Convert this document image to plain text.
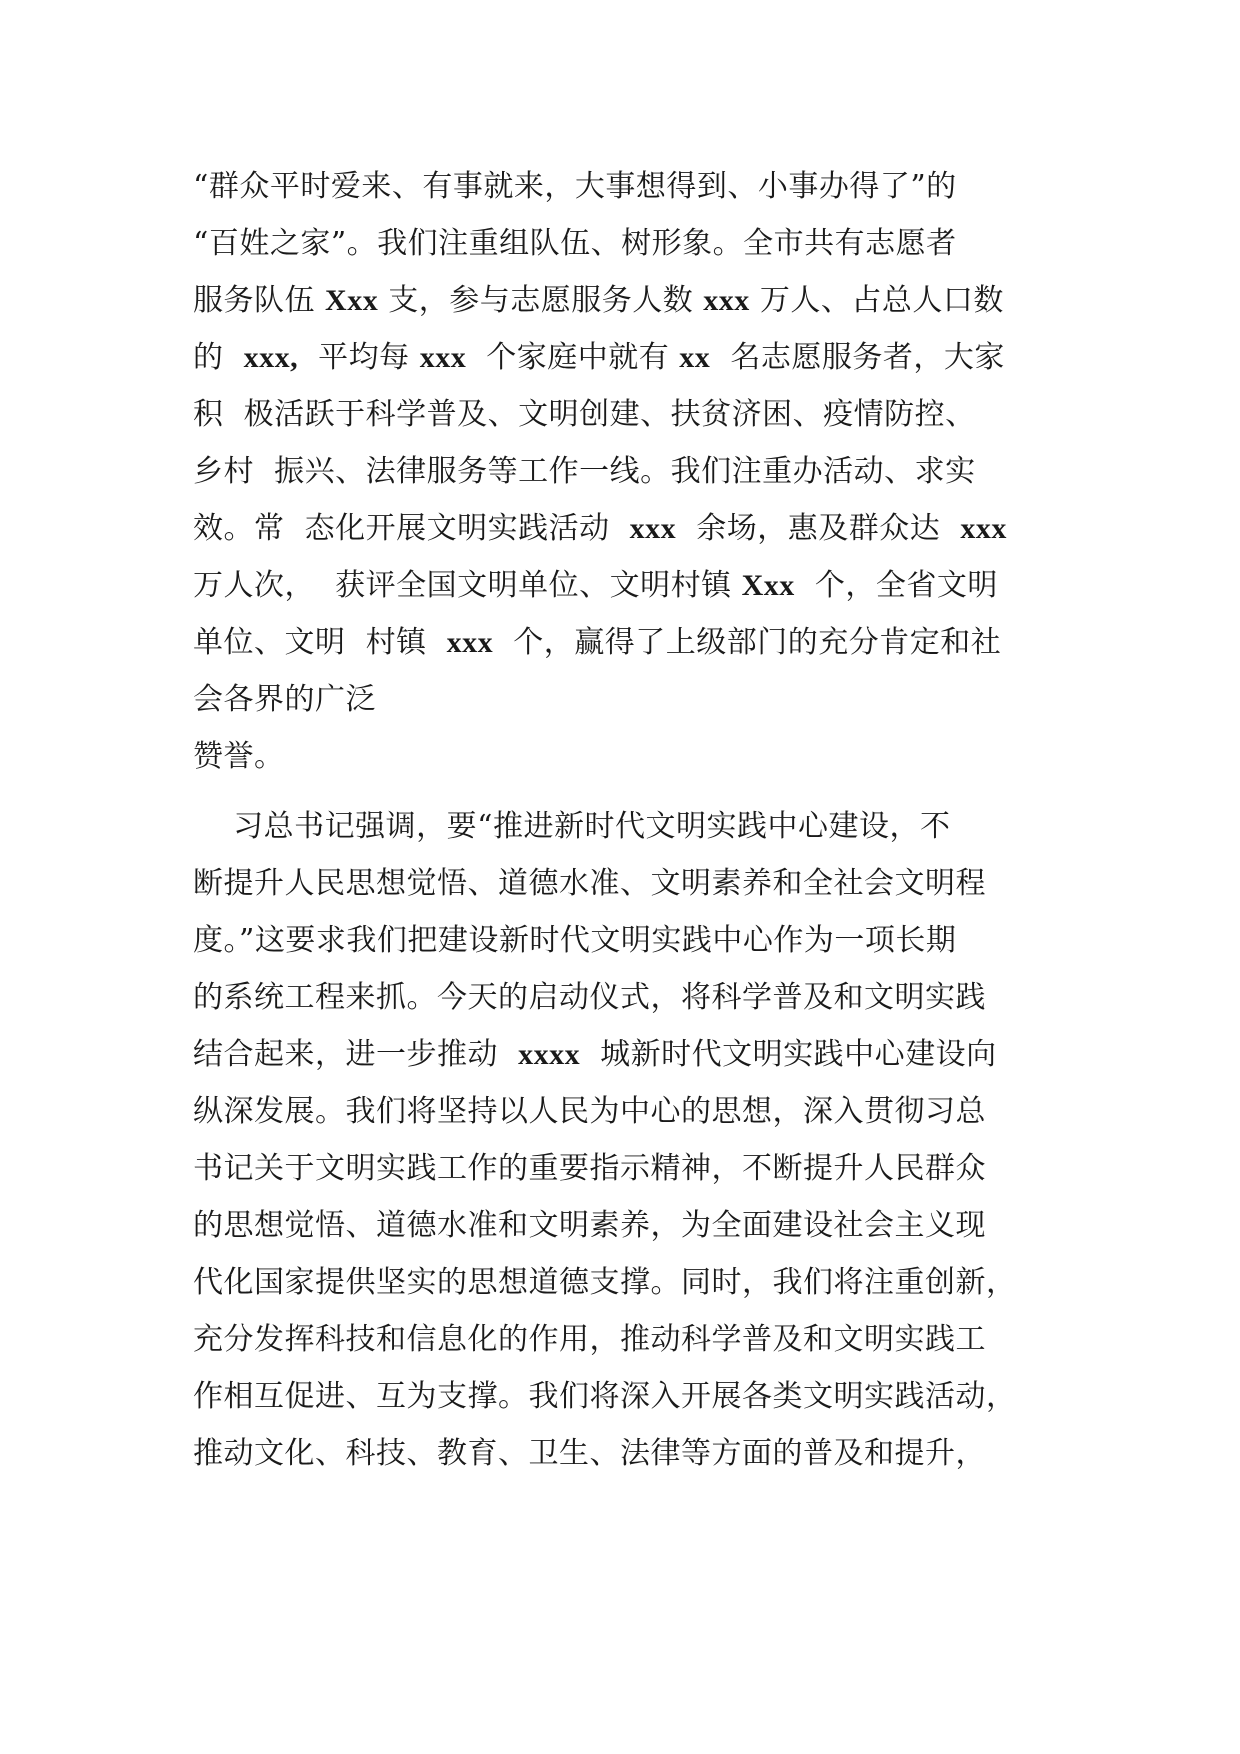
“群众平时爱来、有事就来，大事想得到、小事办得了”的
“百姓之家”。我们注重组队伍、树形象。全市共有志愿者
服务队伍 Xxx 支，参与志愿服务人数 xxx 万人、占总人口数
的  xxx,  平均每 xxx  个家庭中就有 xx  名志愿服务者，大家
积  极活跃于科学普及、文明创建、扶贫济困、疫情防控、
乡村  振兴、法律服务等工作一线。我们注重办活动、求实
效。常  态化开展文明实践活动  xxx  余场，惠及群众达  xxx
万人次，  获评全国文明单位、文明村镇 Xxx  个，全省文明
单位、文明  村镇  xxx  个，赢得了上级部门的充分肯定和社
会各界的广泛
赞誉。
习总书记强调，要“推进新时代文明实践中心建设，不
断提升人民思想觉悟、道德水准、文明素养和全社会文明程
度。”这要求我们把建设新时代文明实践中心作为一项长期
的系统工程来抓。今天的启动仪式，将科学普及和文明实践
结合起来，进一步推动  xxxx  城新时代文明实践中心建设向
纵深发展。我们将坚持以人民为中心的思想，深入贯彻习总
书记关于文明实践工作的重要指示精神，不断提升人民群众
的思想觉悟、道德水准和文明素养，为全面建设社会主义现
代化国家提供坚实的思想道德支撑。同时，我们将注重创新，
充分发挥科技和信息化的作用，推动科学普及和文明实践工
作相互促进、互为支撑。我们将深入开展各类文明实践活动，
推动文化、科技、教育、卫生、法律等方面的普及和提升，
